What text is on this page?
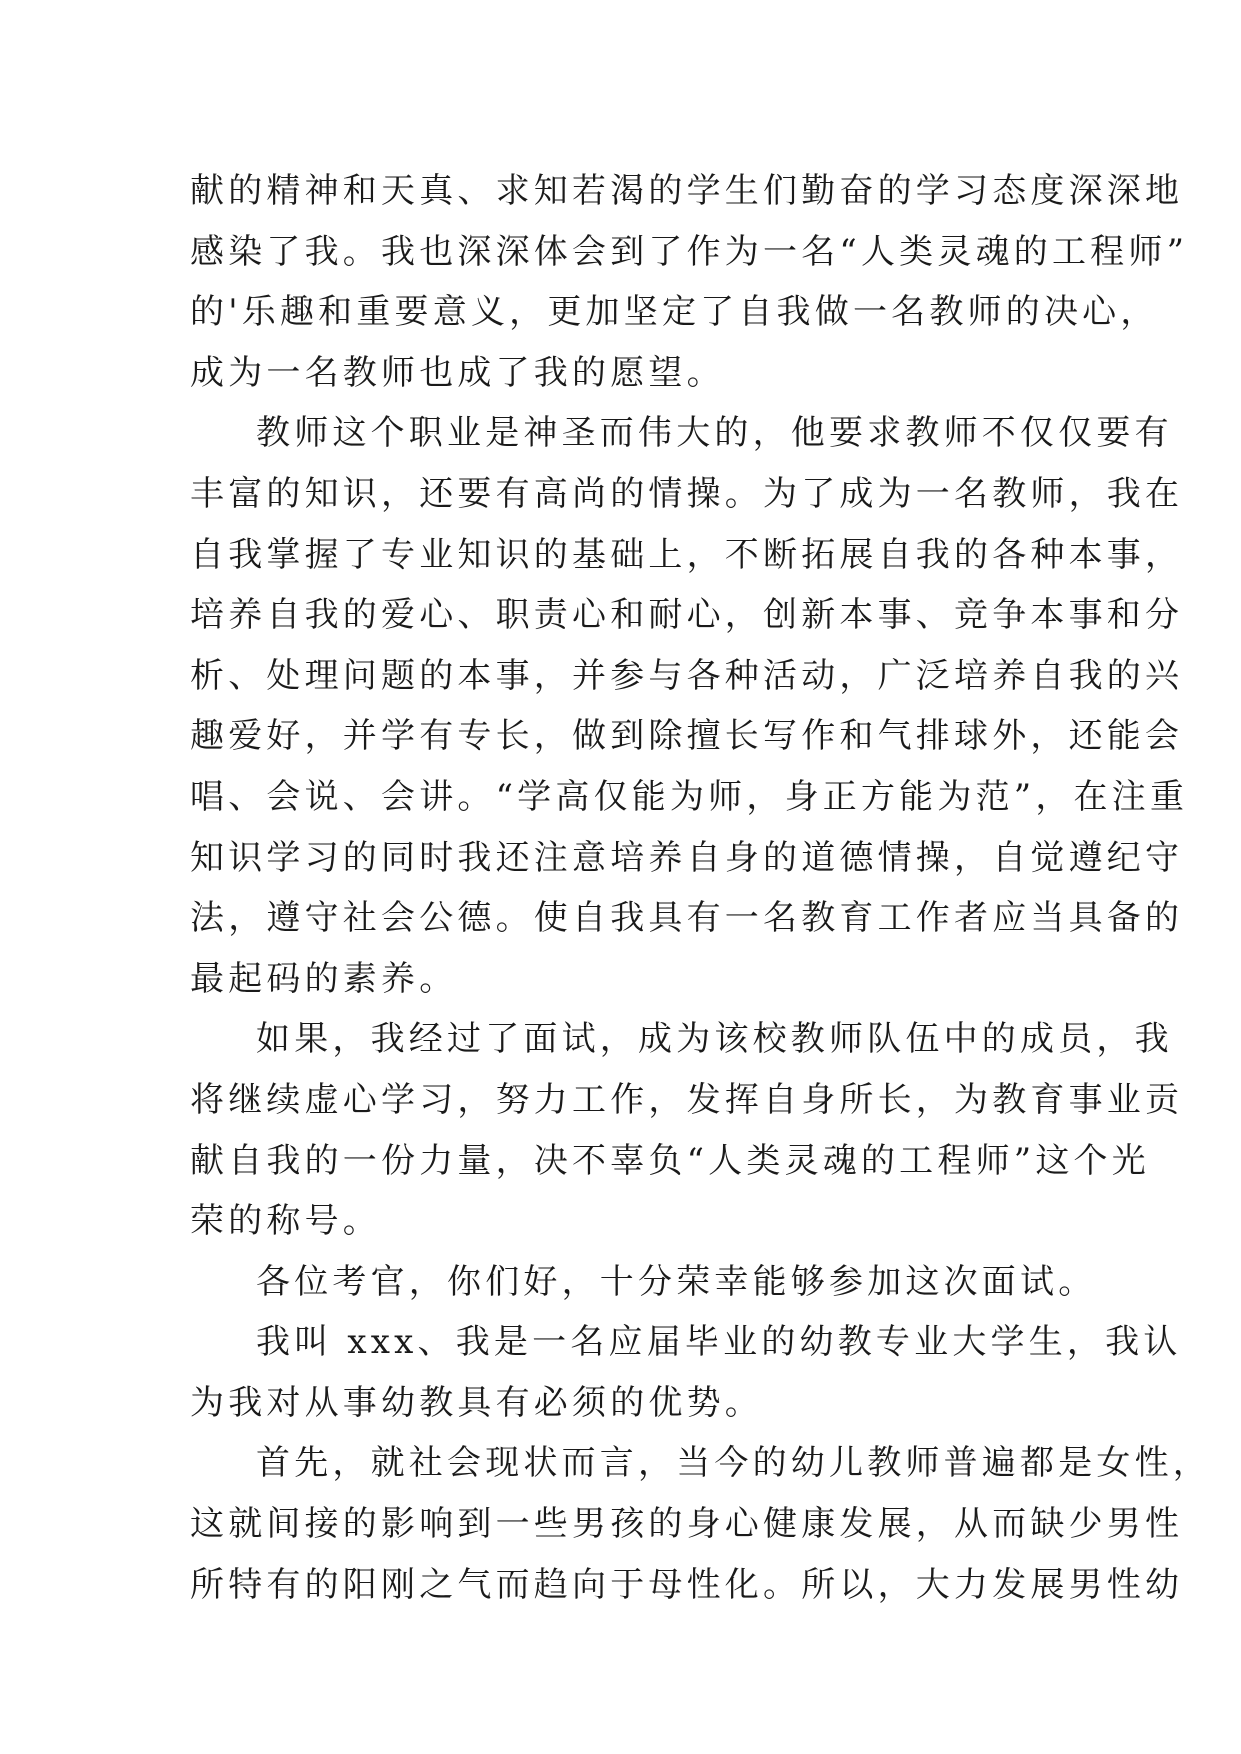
献的精神和天真、求知若渴的学生们勤奋的学习态度深深地
感染了我。我也深深体会到了作为一名“人类灵魂的工程师”
的'乐趣和重要意义，更加坚定了自我做一名教师的决心，
成为一名教师也成了我的愿望。
教师这个职业是神圣而伟大的，他要求教师不仅仅要有
丰富的知识，还要有高尚的情操。为了成为一名教师，我在
自我掌握了专业知识的基础上，不断拓展自我的各种本事，
培养自我的爱心、职责心和耐心，创新本事、竞争本事和分
析、处理问题的本事，并参与各种活动，广泛培养自我的兴
趣爱好，并学有专长，做到除擅长写作和气排球外，还能会
唱、会说、会讲。“学高仅能为师，身正方能为范”，在注重
知识学习的同时我还注意培养自身的道德情操，自觉遵纪守
法，遵守社会公德。使自我具有一名教育工作者应当具备的
最起码的素养。
如果，我经过了面试，成为该校教师队伍中的成员，我
将继续虚心学习，努力工作，发挥自身所长，为教育事业贡
献自我的一份力量，决不辜负“人类灵魂的工程师”这个光
荣的称号。
各位考官，你们好，十分荣幸能够参加这次面试。
我叫 xxx、我是一名应届毕业的幼教专业大学生，我认
为我对从事幼教具有必须的优势。
首先，就社会现状而言，当今的幼儿教师普遍都是女性，
这就间接的影响到一些男孩的身心健康发展，从而缺少男性
所特有的阳刚之气而趋向于母性化。所以，大力发展男性幼
